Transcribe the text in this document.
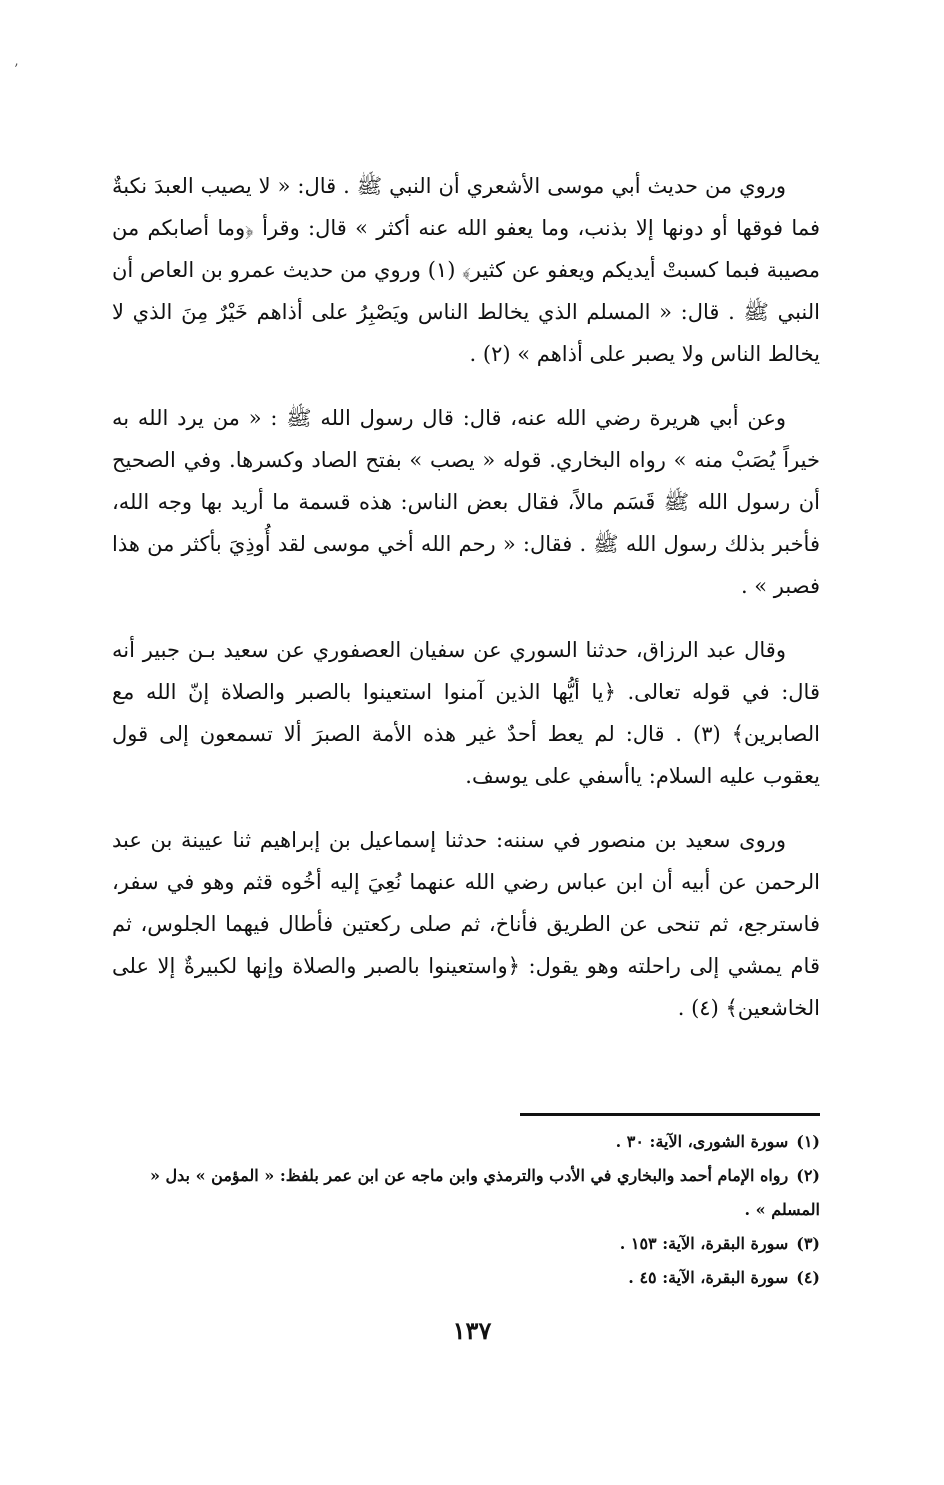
’

وروي من حديث أبي موسى الأشعري أن النبي ﷺ . قال: « لا يصيب العبدَ نكبةٌ فما فوقها أو دونها إلا بذنب، وما يعفو الله عنه أكثر » قال: وقرأ ﴿وما أصابكم من مصيبة فبما كسبتْ أيديكم ويعفو عن كثير﴾ (١) وروي من حديث عمرو بن العاص أن النبي ﷺ . قال: « المسلم الذي يخالط الناس ويَصْبِرُ على أذاهم خَيْرٌ مِنَ الذي لا يخالط الناس ولا يصبر على أذاهم » (٢) .

وعن أبي هريرة رضي الله عنه، قال: قال رسول الله ﷺ : « من يرد الله به خيراً يُصَبْ منه » رواه البخاري. قوله « يصب » بفتح الصاد وكسرها. وفي الصحيح أن رسول الله ﷺ قَسَم مالاً، فقال بعض الناس: هذه قسمة ما أريد بها وجه الله، فأخبر بذلك رسول الله ﷺ . فقال: « رحم الله أخي موسى لقد أُوذِيَ بأكثر من هذا فصبر » .

وقال عبد الرزاق، حدثنا السوري عن سفيان العصفوري عن سعيد بـن جبير أنه قال: في قوله تعالى. ﴿يا أيُّها الذين آمنوا استعينوا بالصبر والصلاة إنّ الله مع الصابرين﴾ (٣) . قال: لم يعط أحدٌ غير هذه الأمة الصبرَ ألا تسمعون إلى قول يعقوب عليه السلام: ياأسفي على يوسف.

وروى سعيد بن منصور في سننه: حدثنا إسماعيل بن إبراهيم ثنا عيينة بن عبد الرحمن عن أبيه أن ابن عباس رضي الله عنهما نُعِيَ إليه أخُوه قثم وهو في سفر، فاسترجع، ثم تنحى عن الطريق فأناخ، ثم صلى ركعتين فأطال فيهما الجلوس، ثم قام يمشي إلى راحلته وهو يقول: ﴿واستعينوا بالصبر والصلاة وإنها لكبيرةٌ إلا على الخاشعين﴾ (٤) .

(١)سورة الشورى، الآية: ٣٠ .

(٢)رواه الإمام أحمد والبخاري في الأدب والترمذي وابن ماجه عن ابن عمر بلفظ: « المؤمن » بدل « المسلم » .

(٣)سورة البقرة، الآية: ١٥٣ .

(٤)سورة البقرة، الآية: ٤٥ .

١٣٧
